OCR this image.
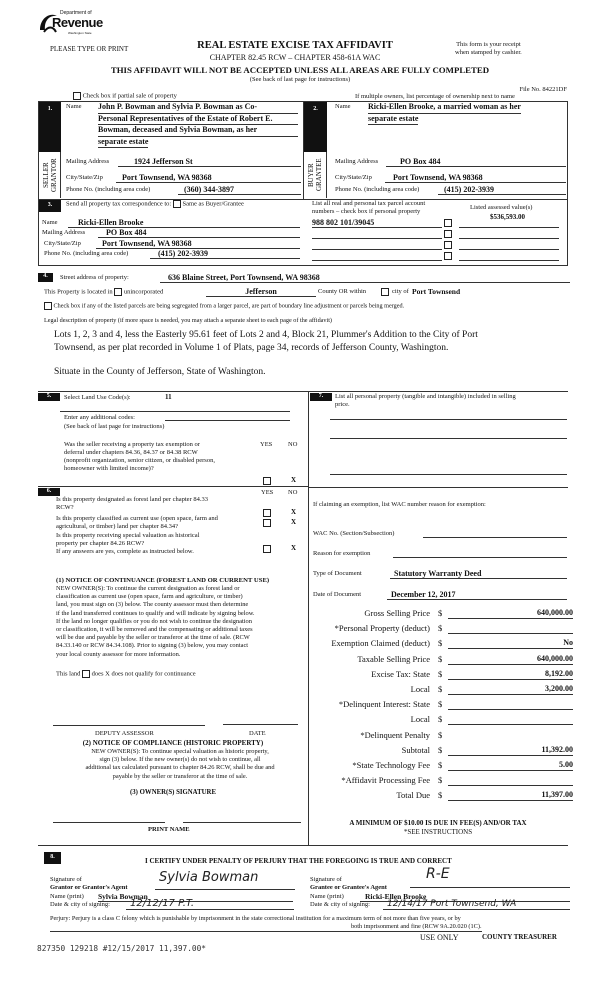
Department of
Revenue
Washington State
PLEASE TYPE OR PRINT	REAL ESTATE EXCISE TAX AFFIDAVIT
CHAPTER 82.45 RCW – CHAPTER 458-61A WAC
This form is your receipt
when stamped by cashier.
THIS AFFIDAVIT WILL NOT BE ACCEPTED UNLESS ALL AREAS ARE FULLY COMPLETED
(See back of last page for instructions)
File No. 84221DF
Check box if partial sale of property	If multiple owners, list percentage of ownership next to name
1.
SELLER
GRANTOR
Name John P. Bowman and Sylvia P. Bowman as Co-
Personal Representatives of the Estate of Robert E.
Bowman, deceased and Sylvia Bowman, as her
separate estate
Mailing Address	1924 Jefferson St
City/State/Zip	Port Townsend, WA 98368
Phone No. (including area code)	(360) 344-3897
2.
BUYER
GRANTEE
Name Ricki-Ellen Brooke, a married woman as her
separate estate
Mailing Address	PO Box 484
City/State/Zip	Port Townsend, WA 98368
Phone No. (including area code)	(415) 202-3939
3.	Send all property tax correspondence to: Same as Buyer/Grantee
Name	Ricki-Ellen Brooke
Mailing Address	PO Box 484
City/State/Zip	Port Townsend, WA 98368
Phone No. (including area code)	(415) 202-3939
List all real and personal tax parcel account
numbers – check box if personal property
Listed assessed value(s)
$536,593.00
988 802 101/39045
4.	Street address of property:	636 Blaine Street, Port Townsend, WA 98368
This Property is located in unincorporated	Jefferson	County OR within	city of Port Townsend
Check box if any of the listed parcels are being segregated from a larger parcel, are part of boundary line adjustment or parcels being merged.
Legal description of property (if more space is needed, you may attach a separate sheet to each page of the affidavit)
Lots 1, 2, 3 and 4, less the Easterly 95.61 feet of Lots 2 and 4, Block 21, Plummer's Addition to the City of Port
Townsend, as per plat recorded in Volume 1 of Plats, page 34, records of Jefferson County, Washington.
Situate in the County of Jefferson, State of Washington.
5.	Select Land Use Code(s):	11
Enter any additional codes:
(See back of last page for instructions)
YES NO
Was the seller receiving a property tax exemption or
deferral under chapters 84.36, 84.37 or 84.38 RCW
(nonprofit organization, senior citizen, or disabled person,
homeowner with limited income)?
X
6.	YES NO
Is this property designated as forest land per chapter 84.33
RCW?
X
Is this property classified as current use (open space, farm and
agricultural, or timber) land per chapter 84.34?
X
Is this property receiving special valuation as historical
property per chapter 84.26 RCW?
If any answers are yes, complete as instructed below.	X
(1) NOTICE OF CONTINUANCE (FOREST LAND OR CURRENT USE)
NEW OWNER(S): To continue the current designation as forest land or
classification as current use (open space, farm and agriculture, or timber)
land, you must sign on (3) below. The county assessor must then determine
if the land transferred continues to qualify and will indicate by signing below.
If the land no longer qualifies or you do not wish to continue the designation
or classification, it will be removed and the compensating or additional taxes
will be due and payable by the seller or transferor at the time of sale. (RCW
84.33.140 or RCW 84.34.108). Prior to signing (3) below, you may contact
your local county assessor for more information.
This land does X does not qualify for continuance
DEPUTY ASSESSOR	DATE
(2) NOTICE OF COMPLIANCE (HISTORIC PROPERTY)
NEW OWNER(S): To continue special valuation as historic property,
sign (3) below. If the new owner(s) do not wish to continue, all
additional tax calculated pursuant to chapter 84.26 RCW, shall be due and
payable by the seller or transferor at the time of sale.
(3) OWNER(S) SIGNATURE
PRINT NAME
7.	List all personal property (tangible and intangible) included in selling
price.
If claiming an exemption, list WAC number reason for exemption:
WAC No. (Section/Subsection)
Reason for exemption
Type of Document	Statutory Warranty Deed
Date of Document	December 12, 2017
Gross Selling Price $	640,000.00
*Personal Property (deduct) $
Exemption Claimed (deduct) $	No
Taxable Selling Price $	640,000.00
Excise Tax: State $	8,192.00
Local $	3,200.00
*Delinquent Interest: State $
Local $
*Delinquent Penalty $
Subtotal $	11,392.00
*State Technology Fee $	5.00
*Affidavit Processing Fee $
Total Due $	11,397.00
A MINIMUM OF $10.00 IS DUE IN FEE(S) AND/OR TAX
*SEE INSTRUCTIONS
8.	I CERTIFY UNDER PENALTY OF PERJURY THAT THE FOREGOING IS TRUE AND CORRECT
Signature of
Grantor or Grantor's Agent
Sylvia Bowman
Name (print) Sylvia Bowman
Date & city of signing:	12/12/17 P.T.
Signature of
Grantee or Grantee's Agent
R-E
Name (print)	Ricki-Ellen Brooke
Date & city of signing:	12/14/17 Port Townsend, WA
Perjury: Perjury is a class C felony which is punishable by imprisonment in the state correctional institution for a maximum term of not more than five years, or by
both imprisonment and fine (RCW 9A.20.020 (1C).
USE ONLY	COUNTY TREASURER
827350 129218 #12/15/2017 11,397.00*
